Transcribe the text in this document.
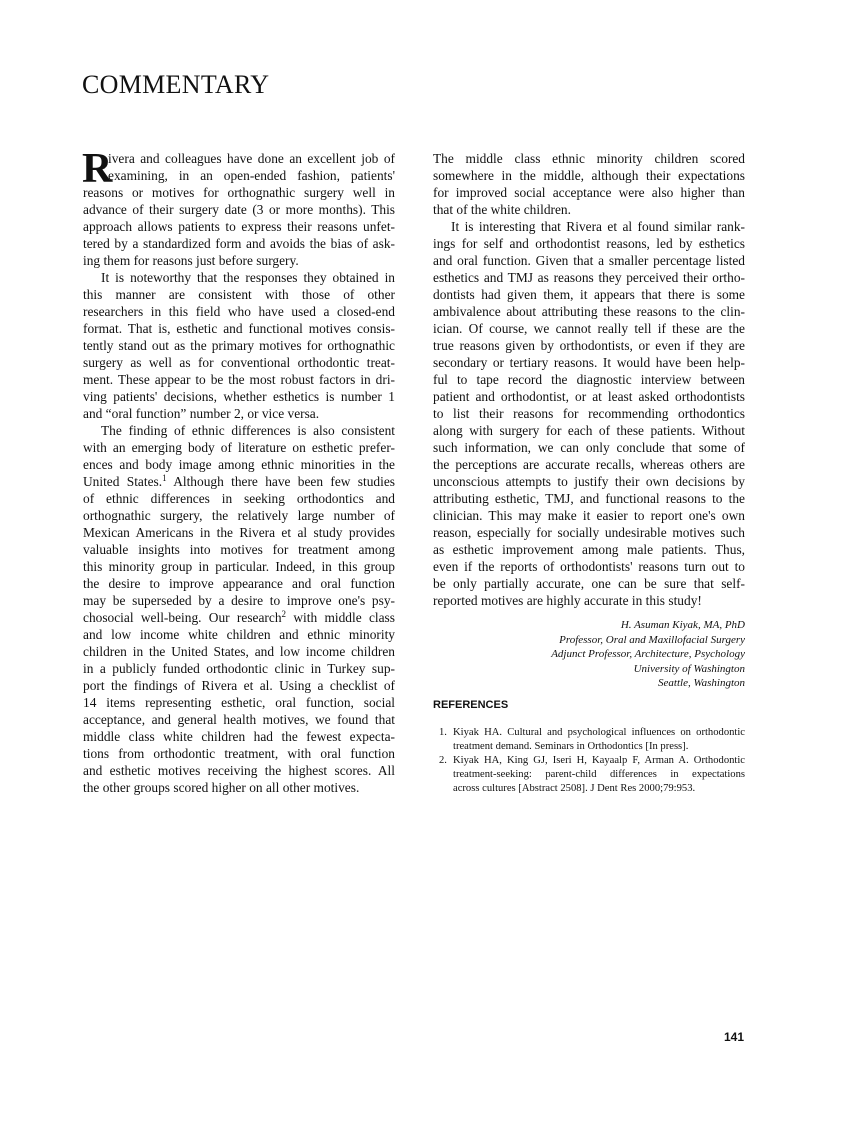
COMMENTARY
R
ivera and colleagues have done an excellent job of
examining, in an open-ended fashion, patients'
reasons or motives for orthognathic surgery well in
advance of their surgery date (3 or more months). This
approach allows patients to express their reasons unfet-
tered by a standardized form and avoids the bias of ask-
ing them for reasons just before surgery.
It is noteworthy that the responses they obtained in
this manner are consistent with those of other
researchers in this field who have used a closed-end
format. That is, esthetic and functional motives consis-
tently stand out as the primary motives for orthognathic
surgery as well as for conventional orthodontic treat-
ment. These appear to be the most robust factors in dri-
ving patients' decisions, whether esthetics is number 1
and “oral function” number 2, or vice versa.
The finding of ethnic differences is also consistent
with an emerging body of literature on esthetic prefer-
ences and body image among ethnic minorities in the
United States.$^1$ Although there have been few studies
of ethnic differences in seeking orthodontics and
orthognathic surgery, the relatively large number of
Mexican Americans in the Rivera et al study provides
valuable insights into motives for treatment among
this minority group in particular. Indeed, in this group
the desire to improve appearance and oral function
may be superseded by a desire to improve one's psy-
chosocial well-being. Our research$^2$ with middle class
and low income white children and ethnic minority
children in the United States, and low income children
in a publicly funded orthodontic clinic in Turkey sup-
port the findings of Rivera et al. Using a checklist of
14 items representing esthetic, oral function, social
acceptance, and general health motives, we found that
middle class white children had the fewest expecta-
tions from orthodontic treatment, with oral function
and esthetic motives receiving the highest scores. All
the other groups scored higher on all other motives.
The middle class ethnic minority children scored
somewhere in the middle, although their expectations
for improved social acceptance were also higher than
that of the white children.
It is interesting that Rivera et al found similar rank-
ings for self and orthodontist reasons, led by esthetics
and oral function. Given that a smaller percentage listed
esthetics and TMJ as reasons they perceived their ortho-
dontists had given them, it appears that there is some
ambivalence about attributing these reasons to the clin-
ician. Of course, we cannot really tell if these are the
true reasons given by orthodontists, or even if they are
secondary or tertiary reasons. It would have been help-
ful to tape record the diagnostic interview between
patient and orthodontist, or at least asked orthodontists
to list their reasons for recommending orthodontics
along with surgery for each of these patients. Without
such information, we can only conclude that some of
the perceptions are accurate recalls, whereas others are
unconscious attempts to justify their own decisions by
attributing esthetic, TMJ, and functional reasons to the
clinician. This may make it easier to report one's own
reason, especially for socially undesirable motives such
as esthetic improvement among male patients. Thus,
even if the reports of orthodontists' reasons turn out to
be only partially accurate, one can be sure that self-
reported motives are highly accurate in this study!
H. Asuman Kiyak, MA, PhD
Professor, Oral and Maxillofacial Surgery
Adjunct Professor, Architecture, Psychology
University of Washington
Seattle, Washington
REFERENCES
1. Kiyak HA. Cultural and psychological influences on orthodontic
treatment demand. Seminars in Orthodontics [In press].
2. Kiyak HA, King GJ, Iseri H, Kayaalp F, Arman A. Orthodontic
treatment-seeking: parent-child differences in expectations
across cultures [Abstract 2508]. J Dent Res 2000;79:953.
141
